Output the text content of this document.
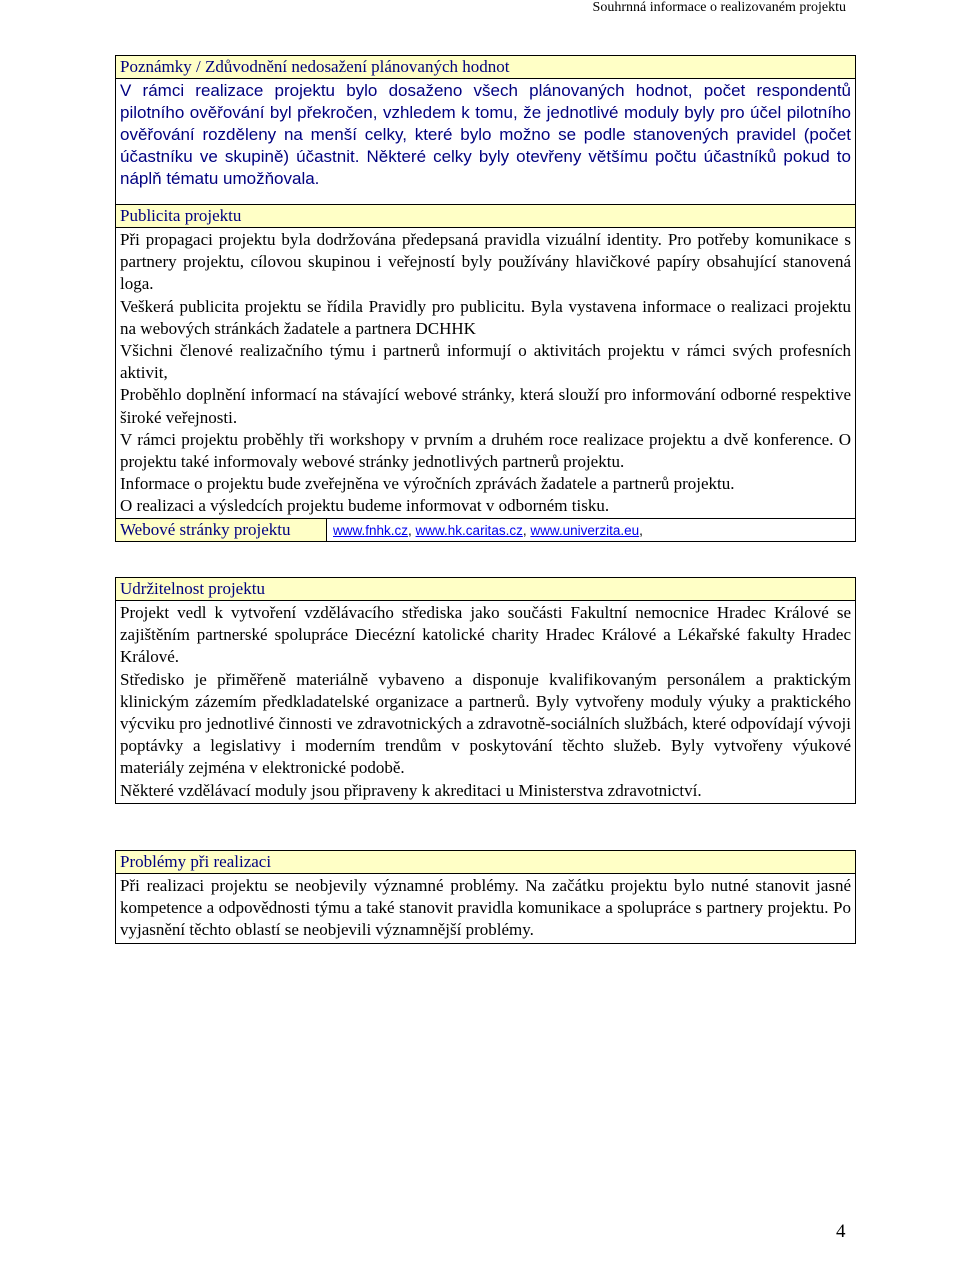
Souhrnná informace o realizovaném projektu
Poznámky / Zdůvodnění nedosažení plánovaných hodnot

V rámci realizace projektu bylo dosaženo všech plánovaných hodnot, počet respondentů pilotního ověřování byl překročen, vzhledem k tomu, že jednotlivé moduly byly pro účel pilotního ověřování rozděleny na menší celky, které bylo možno se podle stanovených pravidel (počet účastníku ve skupině) účastnit. Některé celky byly otevřeny většímu počtu účastníků pokud to náplň tématu umožňovala.

Publicita projektu

Při propagaci projektu byla dodržována předepsaná pravidla vizuální identity. Pro potřeby komunikace s partnery projektu, cílovou skupinou i veřejností byly používány hlavičkové papíry obsahující stanovená loga.

Veškerá publicita projektu se řídila Pravidly pro publicitu. Byla vystavena informace o realizaci projektu na webových stránkách žadatele a partnera DCHHK

Všichni členové realizačního týmu i partnerů informují o aktivitách projektu v rámci svých profesních aktivit,

Proběhlo doplnění informací na stávající webové stránky, která slouží pro informování odborné respektive široké veřejnosti.

V rámci projektu proběhly tři workshopy v prvním a druhém roce realizace projektu a dvě konference. O projektu také informovaly webové stránky jednotlivých partnerů projektu.

Informace o projektu bude zveřejněna ve výročních zprávách žadatele a partnerů projektu.

O realizaci a výsledcích projektu budeme informovat v odborném tisku.

Webové stránky projektu	www.fnhk.cz, www.hk.caritas.cz, www.univerzita.eu,
Udržitelnost projektu

Projekt vedl k vytvoření vzdělávacího střediska jako součásti Fakultní nemocnice Hradec Králové se zajištěním partnerské spolupráce Diecézní katolické charity Hradec Králové a Lékařské fakulty Hradec Králové.

Středisko je přiměřeně materiálně vybaveno a disponuje kvalifikovaným personálem a praktickým klinickým zázemím předkladatelské organizace a partnerů. Byly vytvořeny moduly výuky a praktického výcviku pro jednotlivé činnosti ve zdravotnických a zdravotně-sociálních službách, které odpovídají vývoji poptávky a legislativy i moderním trendům v poskytování těchto služeb. Byly vytvořeny výukové materiály zejména v elektronické podobě.

Některé vzdělávací moduly jsou připraveny k akreditaci u Ministerstva zdravotnictví.

Problémy při realizaci

Při realizaci projektu se neobjevily významné problémy. Na začátku projektu bylo nutné stanovit jasné kompetence a odpovědnosti týmu a také stanovit pravidla komunikace a spolupráce s partnery projektu. Po vyjasnění těchto oblastí se neobjevili významnější problémy.

4
